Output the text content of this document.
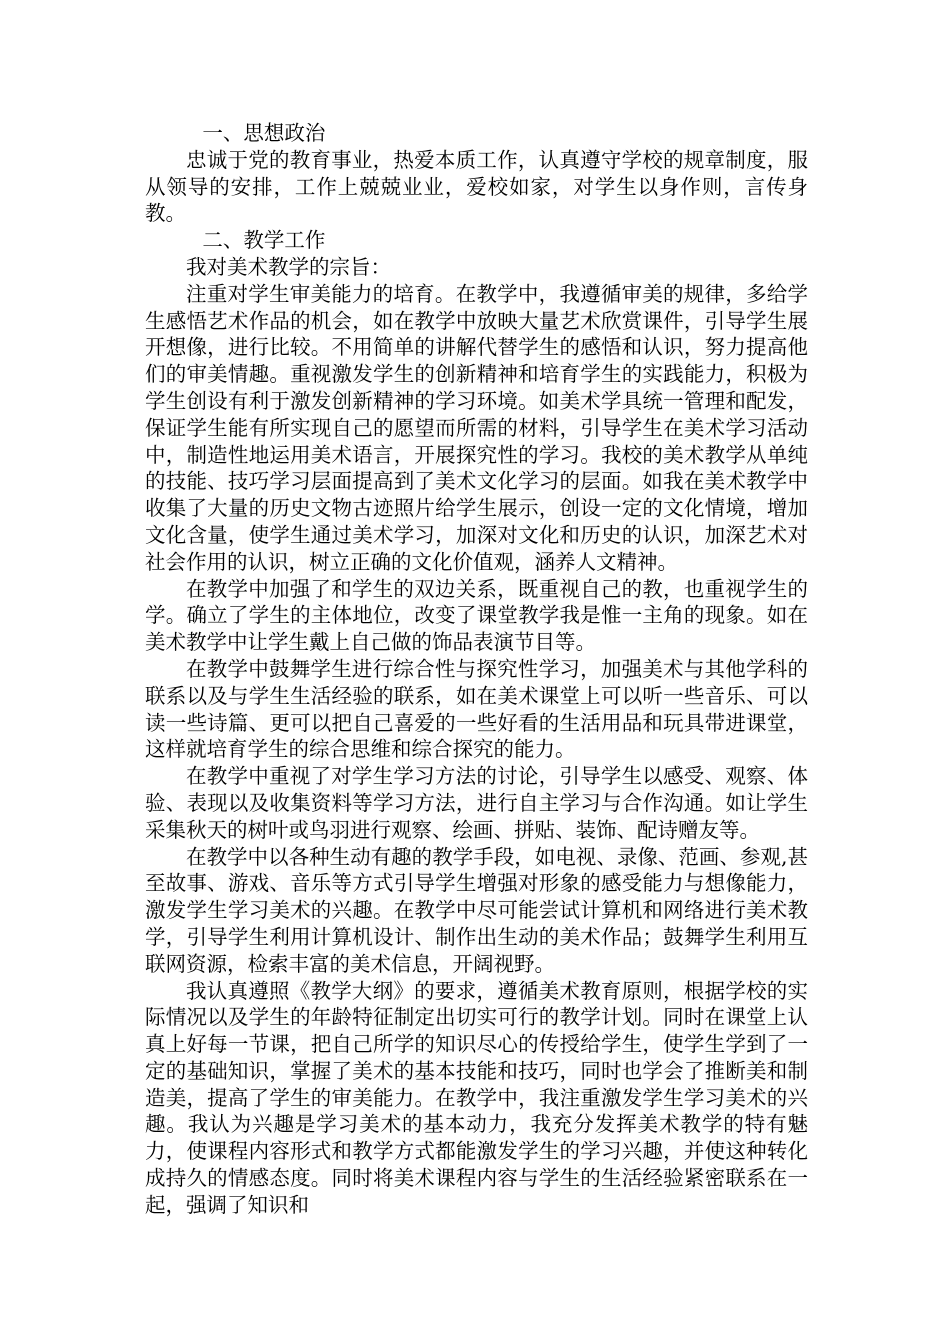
一、思想政治

忠诚于党的教育事业，热爱本质工作，认真遵守学校的规章制度，服从领导的安排，工作上兢兢业业，爱校如家，对学生以身作则，言传身教。

二、教学工作

我对美术教学的宗旨：

注重对学生审美能力的培育。在教学中，我遵循审美的规律，多给学生感悟艺术作品的机会，如在教学中放映大量艺术欣赏课件，引导学生展开想像，进行比较。不用简单的讲解代替学生的感悟和认识，努力提高他们的审美情趣。重视激发学生的创新精神和培育学生的实践能力，积极为学生创设有利于激发创新精神的学习环境。如美术学具统一管理和配发，保证学生能有所实现自己的愿望而所需的材料，引导学生在美术学习活动中，制造性地运用美术语言，开展探究性的学习。我校的美术教学从单纯的技能、技巧学习层面提高到了美术文化学习的层面。如我在美术教学中收集了大量的历史文物古迹照片给学生展示，创设一定的文化情境，增加文化含量，使学生通过美术学习，加深对文化和历史的认识，加深艺术对社会作用的认识，树立正确的文化价值观，涵养人文精神。

在教学中加强了和学生的双边关系，既重视自己的教，也重视学生的学。确立了学生的主体地位，改变了课堂教学我是惟一主角的现象。如在美术教学中让学生戴上自己做的饰品表演节目等。

在教学中鼓舞学生进行综合性与探究性学习，加强美术与其他学科的联系以及与学生生活经验的联系，如在美术课堂上可以听一些音乐、可以读一些诗篇、更可以把自己喜爱的一些好看的生活用品和玩具带进课堂，这样就培育学生的综合思维和综合探究的能力。

在教学中重视了对学生学习方法的讨论，引导学生以感受、观察、体验、表现以及收集资料等学习方法，进行自主学习与合作沟通。如让学生采集秋天的树叶或鸟羽进行观察、绘画、拼贴、装饰、配诗赠友等。

在教学中以各种生动有趣的教学手段，如电视、录像、范画、参观,甚至故事、游戏、音乐等方式引导学生增强对形象的感受能力与想像能力，激发学生学习美术的兴趣。在教学中尽可能尝试计算机和网络进行美术教学，引导学生利用计算机设计、制作出生动的美术作品；鼓舞学生利用互联网资源，检索丰富的美术信息，开阔视野。

我认真遵照《教学大纲》的要求，遵循美术教育原则，根据学校的实际情况以及学生的年龄特征制定出切实可行的教学计划。同时在课堂上认真上好每一节课，把自己所学的知识尽心的传授给学生，使学生学到了一定的基础知识，掌握了美术的基本技能和技巧，同时也学会了推断美和制造美，提高了学生的审美能力。在教学中，我注重激发学生学习美术的兴趣。我认为兴趣是学习美术的基本动力，我充分发挥美术教学的特有魅力，使课程内容形式和教学方式都能激发学生的学习兴趣，并使这种转化成持久的情感态度。同时将美术课程内容与学生的生活经验紧密联系在一起，强调了知识和
